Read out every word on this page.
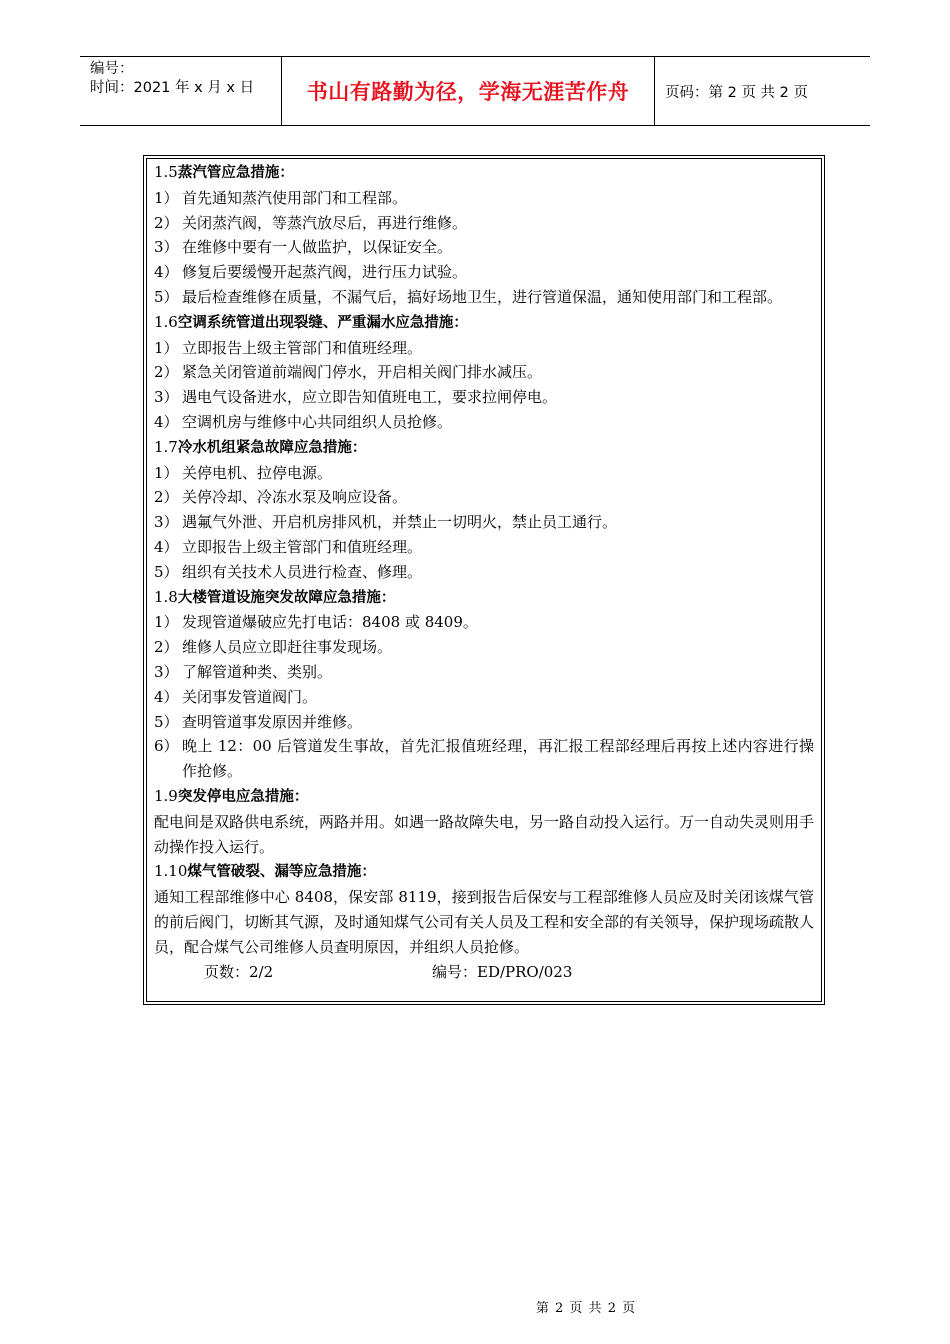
编号：
时间：2021 年 x 月 x 日	书山有路勤为径，学海无涯苦作舟	页码：第 2 页 共 2 页
1.5蒸汽管应急措施：
1） 首先通知蒸汽使用部门和工程部。
2） 关闭蒸汽阀，等蒸汽放尽后，再进行维修。
3） 在维修中要有一人做监护，以保证安全。
4） 修复后要缓慢开起蒸汽阀，进行压力试验。
5） 最后检查维修在质量，不漏气后，搞好场地卫生，进行管道保温，通知使用部门和工程部。
1.6空调系统管道出现裂缝、严重漏水应急措施：
1） 立即报告上级主管部门和值班经理。
2） 紧急关闭管道前端阀门停水，开启相关阀门排水减压。
3） 遇电气设备进水，应立即告知值班电工，要求拉闸停电。
4） 空调机房与维修中心共同组织人员抢修。
1.7冷水机组紧急故障应急措施：
1） 关停电机、拉停电源。
2） 关停冷却、冷冻水泵及响应设备。
3） 遇氟气外泄、开启机房排风机，并禁止一切明火，禁止员工通行。
4） 立即报告上级主管部门和值班经理。
5） 组织有关技术人员进行检查、修理。
1.8大楼管道设施突发故障应急措施：
1） 发现管道爆破应先打电话：8408 或 8409。
2） 维修人员应立即赶往事发现场。
3） 了解管道种类、类别。
4） 关闭事发管道阀门。
5） 查明管道事发原因并维修。
6） 晚上 12：00 后管道发生事故，首先汇报值班经理，再汇报工程部经理后再按上述内容进行操作抢修。
1.9突发停电应急措施：
配电间是双路供电系统，两路并用。如遇一路故障失电，另一路自动投入运行。万一自动失灵则用手动操作投入运行。
1.10煤气管破裂、漏等应急措施：
通知工程部维修中心 8408，保安部 8119，接到报告后保安与工程部维修人员应及时关闭该煤气管的前后阀门，切断其气源，及时通知煤气公司有关人员及工程和安全部的有关领导，保护现场疏散人员，配合煤气公司维修人员查明原因，并组织人员抢修。
页数：2/2	编号：ED/PRO/023
第 2 页 共 2 页
